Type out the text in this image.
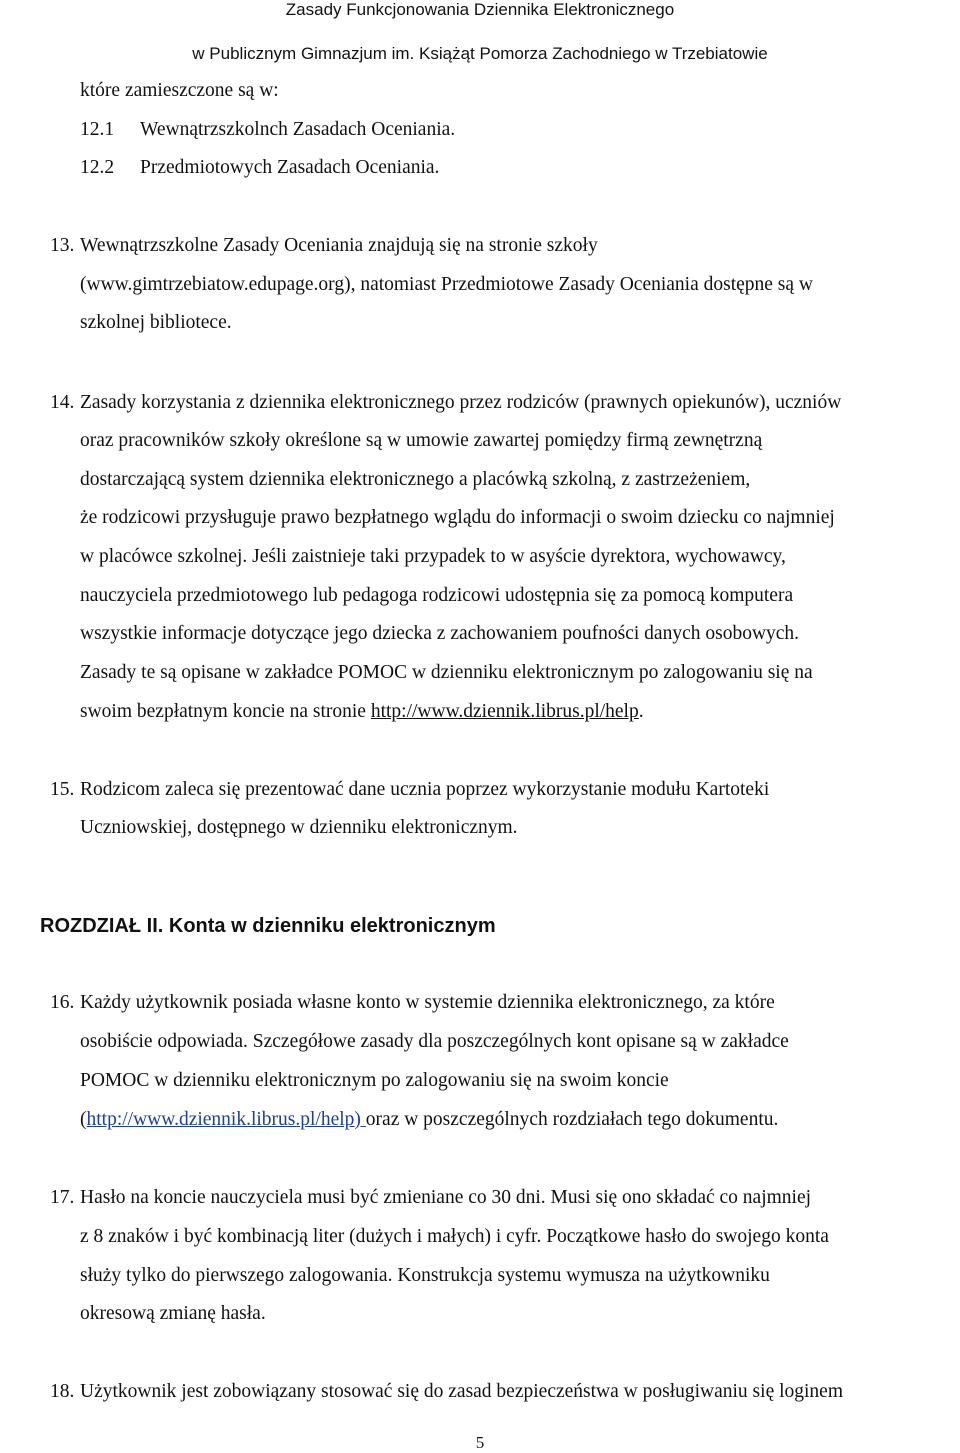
Zasady Funkcjonowania Dziennika Elektronicznego
w Publicznym Gimnazjum im. Książąt Pomorza Zachodniego w Trzebiatowie
które zamieszczone są w:
12.1 Wewnątrzszkolnch Zasadach Oceniania.
12.2 Przedmiotowych Zasadach Oceniania.
13. Wewnątrzszkolne Zasady Oceniania znajdują się na stronie szkoły
(www.gimtrzebiatow.edupage.org), natomiast Przedmiotowe Zasady Oceniania dostępne są w
szkolnej bibliotece.
14. Zasady korzystania z dziennika elektronicznego przez rodziców (prawnych opiekunów), uczniów
oraz pracowników szkoły określone są w umowie zawartej pomiędzy firmą zewnętrzną
dostarczającą system dziennika elektronicznego a placówką szkolną, z zastrzeżeniem,
że rodzicowi przysługuje prawo bezpłatnego wglądu do informacji o swoim dziecku co najmniej
w placówce szkolnej. Jeśli zaistnieje taki przypadek to w asyście dyrektora, wychowawcy,
nauczyciela przedmiotowego lub pedagoga rodzicowi udostępnia się za pomocą komputera
wszystkie informacje dotyczące jego dziecka z zachowaniem poufności danych osobowych.
Zasady te są opisane w zakładce POMOC w dzienniku elektronicznym po zalogowaniu się na
swoim bezpłatnym koncie na stronie http://www.dziennik.librus.pl/help.
15. Rodzicom zaleca się prezentować dane ucznia poprzez wykorzystanie modułu Kartoteki
Uczniowskiej, dostępnego w dzienniku elektronicznym.
ROZDZIAŁ II. Konta w dzienniku elektronicznym
16. Każdy użytkownik posiada własne konto w systemie dziennika elektronicznego, za które
osobiście odpowiada. Szczegółowe zasady dla poszczególnych kont opisane są w zakładce
POMOC w dzienniku elektronicznym po zalogowaniu się na swoim koncie
(http://www.dziennik.librus.pl/help) oraz w poszczególnych rozdziałach tego dokumentu.
17. Hasło na koncie nauczyciela musi być zmieniane co 30 dni. Musi się ono składać co najmniej
z 8 znaków i być kombinacją liter (dużych i małych) i cyfr. Początkowe hasło do swojego konta
służy tylko do pierwszego zalogowania. Konstrukcja systemu wymusza na użytkowniku
okresową zmianę hasła.
18. Użytkownik jest zobowiązany stosować się do zasad bezpieczeństwa w posługiwaniu się loginem
5
